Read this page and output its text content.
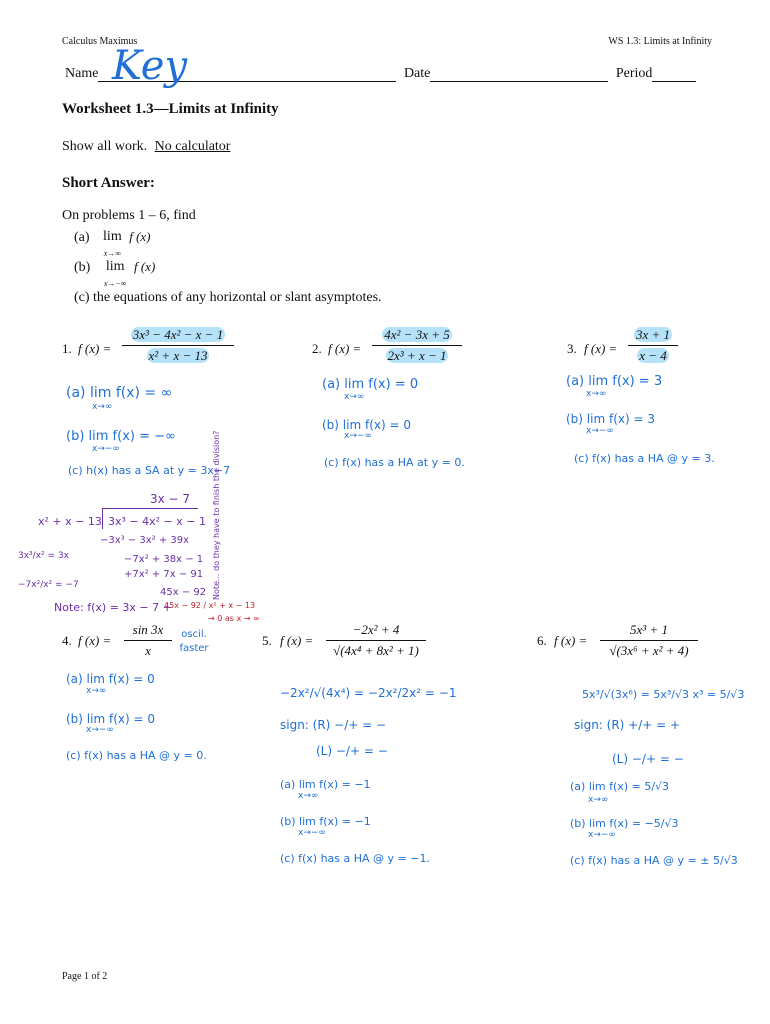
Calculus Maximus	WS 1.3: Limits at Infinity
Name	Date	Period
Key
Worksheet 1.3—Limits at Infinity
Show all work. No calculator
Short Answer:
On problems 1 – 6, find
(a) lim
x→∞ f (x)
(b) lim
x→−∞ f (x)
(c) the equations of any horizontal or slant asymptotes.
1. f (x) =
3x³ − 4x² − x − 1
x² + x − 13
(a) lim f(x) = ∞
x→∞
(b) lim f(x) = −∞
x→−∞
(c) h(x) has a SA at y = 3x−7
3x − 7
x² + x − 13 3x³ − 4x² − x − 1
−3x³ − 3x² + 39x
−7x² + 38x − 1
+7x² + 7x − 91
45x − 92
3x³/x² = 3x
−7x²/x² = −7	Note... do they have to finish the division?
Note: f(x) = 3x − 7 +
45x − 92 / x² + x − 13
→ 0 as x → ∞
2. f (x) =
4x² − 3x + 5
2x³ + x − 1
(a) lim f(x) = 0
x→∞
(b) lim f(x) = 0
x→−∞
(c) f(x) has a HA at y = 0.
3. f (x) =
3x + 1
x − 4
(a) lim f(x) = 3
x→∞
(b) lim f(x) = 3
x→−∞
(c) f(x) has a HA @ y = 3.
4. f (x) =
sin 3x
x
oscil. faster
(a) lim f(x) = 0
x→∞
(b) lim f(x) = 0
x→−∞
(c) f(x) has a HA @ y = 0.
5. f (x) =
−2x² + 4
√(4x⁴ + 8x² + 1)
−2x²/√(4x⁴) = −2x²/2x² = −1
sign: (R) −/+ = −
(L) −/+ = −
(a) lim f(x) = −1
x→∞
(b) lim f(x) = −1
x→−∞
(c) f(x) has a HA @ y = −1.
6. f (x) =
5x³ + 1
√(3x⁶ + x² + 4)
5x³/√(3x⁶) = 5x³/√3 x³ = 5/√3
sign: (R) +/+ = +
(L) −/+ = −
(a) lim f(x) = 5/√3
x→∞
(b) lim f(x) = −5/√3
x→−∞
(c) f(x) has a HA @ y = ± 5/√3
Page 1 of 2
